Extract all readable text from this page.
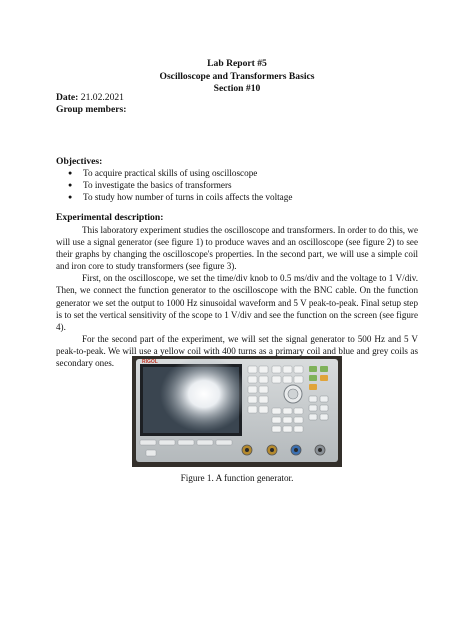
Lab Report #5
Oscilloscope and Transformers Basics
Section #10
Date: 21.02.2021
Group members:
Objectives:
● To acquire practical skills of using oscilloscope
● To investigate the basics of transformers
● To study how number of turns in coils affects the voltage
Experimental description:

This laboratory experiment studies the oscilloscope and transformers. In order to do this, we will use a signal generator (see figure 1) to produce waves and an oscilloscope (see figure 2) to see their graphs by changing the oscilloscope's properties. In the second part, we will use a simple coil and iron core to study transformers (see figure 3).

First, on the oscilloscope, we set the time/div knob to 0.5 ms/div and the voltage to 1 V/div. Then, we connect the function generator to the oscilloscope with the BNC cable. On the function generator we set the output to 1000 Hz sinusoidal waveform and 5 V peak-to-peak. Final setup step is to set the vertical sensitivity of the scope to 1 V/div and see the function on the screen (see figure 4).

For the second part of the experiment, we will set the signal generator to 500 Hz and 5 V peak-to-peak. We will use a yellow coil with 400 turns as a primary coil and blue and grey coils as secondary ones.	RIGOL
Figure 1. A function generator.
